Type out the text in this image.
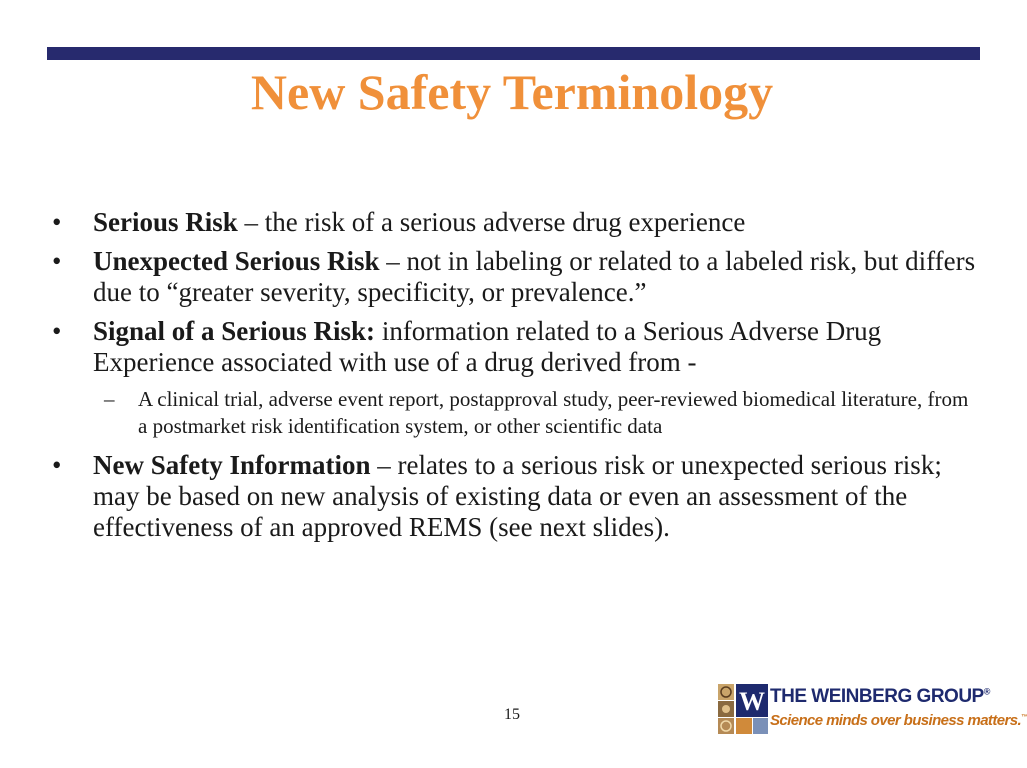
New Safety Terminology
• Serious Risk – the risk of a serious adverse drug experience
• Unexpected Serious Risk – not in labeling or related to a labeled risk, but differs due to “greater severity, specificity, or prevalence.”
• Signal of a Serious Risk: information related to a Serious Adverse Drug Experience associated with use of a drug derived from -
– A clinical trial, adverse event report, postapproval study, peer-reviewed biomedical literature, from a postmarket risk identification system, or other scientific data
• New Safety Information – relates to a serious risk or unexpected serious risk; may be based on new analysis of existing data or even an assessment of the effectiveness of an approved REMS (see next slides).
15	W THE WEINBERG GROUP®
Science minds over business matters.™
